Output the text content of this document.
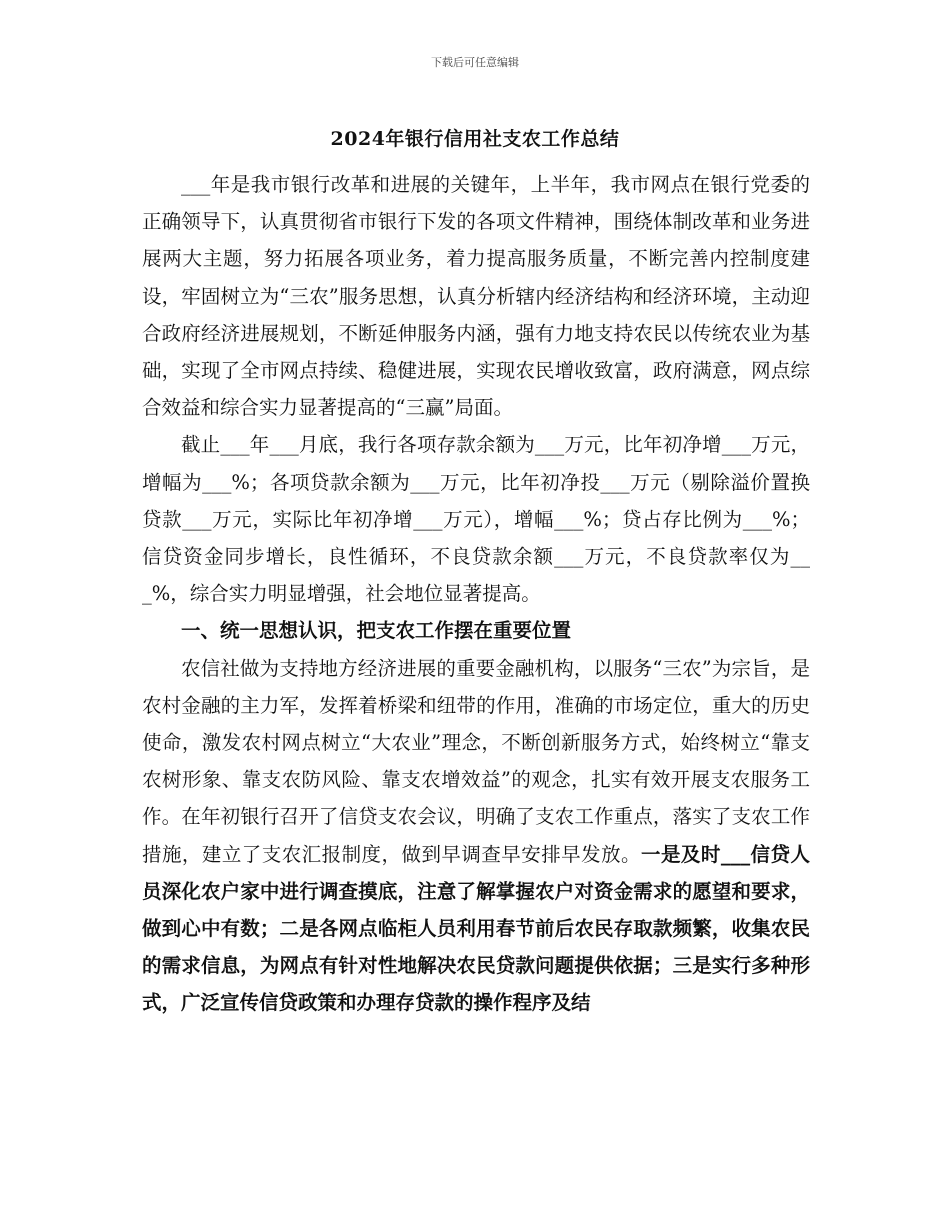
下载后可任意编辑
2024年银行信用社支农工作总结

___年是我市银行改革和进展的关键年，上半年，我市网点在银行党委的正确领导下，认真贯彻省市银行下发的各项文件精神，围绕体制改革和业务进展两大主题，努力拓展各项业务，着力提高服务质量，不断完善内控制度建设，牢固树立为“三农”服务思想，认真分析辖内经济结构和经济环境，主动迎合政府经济进展规划，不断延伸服务内涵，强有力地支持农民以传统农业为基础，实现了全市网点持续、稳健进展，实现农民增收致富，政府满意，网点综合效益和综合实力显著提高的“三赢”局面。

截止___年___月底，我行各项存款余额为___万元，比年初净增___万元，增幅为___%；各项贷款余额为___万元，比年初净投___万元（剔除溢价置换贷款___万元，实际比年初净增___万元），增幅___%；贷占存比例为___%；信贷资金同步增长，良性循环，不良贷款余额___万元，不良贷款率仅为___%，综合实力明显增强，社会地位显著提高。

一、统一思想认识，把支农工作摆在重要位置

农信社做为支持地方经济进展的重要金融机构，以服务“三农”为宗旨，是农村金融的主力军，发挥着桥梁和纽带的作用，准确的市场定位，重大的历史使命，激发农村网点树立“大农业”理念，不断创新服务方式，始终树立“靠支农树形象、靠支农防风险、靠支农增效益”的观念，扎实有效开展支农服务工作。在年初银行召开了信贷支农会议，明确了支农工作重点，落实了支农工作措施，建立了支农汇报制度，做到早调查早安排早发放。一是及时___信贷人员深化农户家中进行调查摸底，注意了解掌握农户对资金需求的愿望和要求，做到心中有数；二是各网点临柜人员利用春节前后农民存取款频繁，收集农民的需求信息，为网点有针对性地解决农民贷款问题提供依据；三是实行多种形式，广泛宣传信贷政策和办理存贷款的操作程序及结
